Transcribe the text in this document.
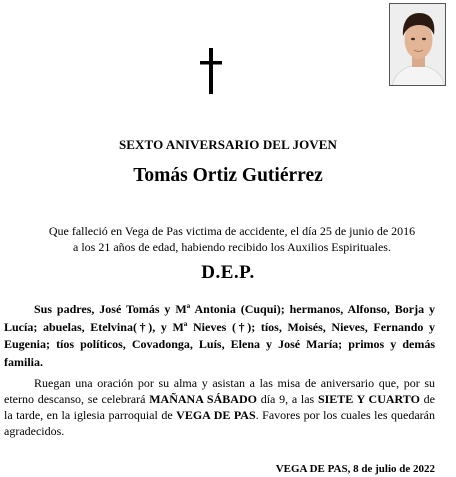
SEXTO ANIVERSARIO DEL JOVEN

Tomás Ortiz Gutiérrez

Que falleció en Vega de Pas victima de accidente, el día 25 de junio de 2016
a los 21 años de edad, habiendo recibido los Auxilios Espirituales.

D.E.P.

Sus padres, José Tomás y Mª Antonia (Cuqui); hermanos, Alfonso, Borja y Lucía; abuelas, Etelvina(†), y Mª Nieves (†); tíos, Moisés, Nieves, Fernando y Eugenia; tíos políticos, Covadonga, Luís, Elena y José María; primos y demás familia.

Ruegan una oración por su alma y asistan a las misa de aniversario que, por su eterno descanso, se celebrará MAÑANA SÁBADO día 9, a las SIETE Y CUARTO de la tarde, en la iglesia parroquial de VEGA DE PAS. Favores por los cuales les quedarán agradecidos.

VEGA DE PAS, 8 de julio de 2022
